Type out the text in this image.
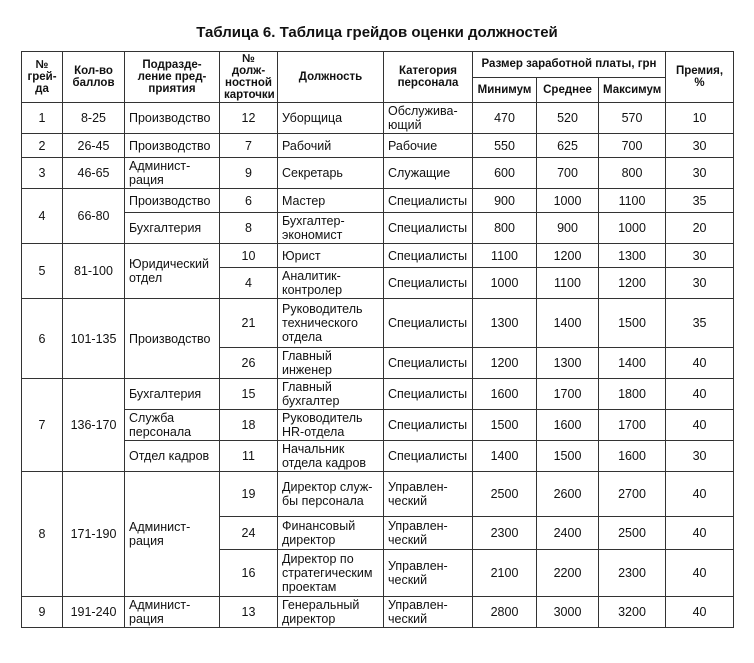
Таблица 6. Таблица грейдов оценки должностей
№
грей-
да	Кол-во
баллов	Подразде-
ление пред-
приятия	№ долж-
ностной
карточки	Должность	Категория
персонала	Размер заработной платы, грн			Премия,
%
						Минимум	Среднее	Максимум	
1	8-25	Производство	12	Уборщица	Обслужива-
ющий	470	520	570	10
2	26-45	Производство	7	Рабочий	Рабочие	550	625	700	30
3	46-65	Админист-
рация	9	Секретарь	Служащие	600	700	800	30
4	66-80	Производство	6	Мастер	Специалисты	900	1000	1100	35
		Бухгалтерия	8	Бухгалтер-
экономист	Специалисты	800	900	1000	20
5	81-100	Юридический
отдел	10	Юрист	Специалисты	1100	1200	1300	30
			4	Аналитик-
контролер	Специалисты	1000	1100	1200	30
6	101-135	Производство	21	Руководитель
технического
отдела	Специалисты	1300	1400	1500	35
			26	Главный
инженер	Специалисты	1200	1300	1400	40
7	136-170	Бухгалтерия	15	Главный
бухгалтер	Специалисты	1600	1700	1800	40
		Служба
персонала	18	Руководитель
HR-отдела	Специалисты	1500	1600	1700	40
		Отдел кадров	11	Начальник
отдела кадров	Специалисты	1400	1500	1600	30
8	171-190	Админист-
рация	19	Директор служ-
бы персонала	Управлен-
ческий	2500	2600	2700	40
			24	Финансовый
директор	Управлен-
ческий	2300	2400	2500	40
			16	Директор по
стратегическим
проектам	Управлен-
ческий	2100	2200	2300	40
9	191-240	Админист-
рация	13	Генеральный
директор	Управлен-
ческий	2800	3000	3200	40
